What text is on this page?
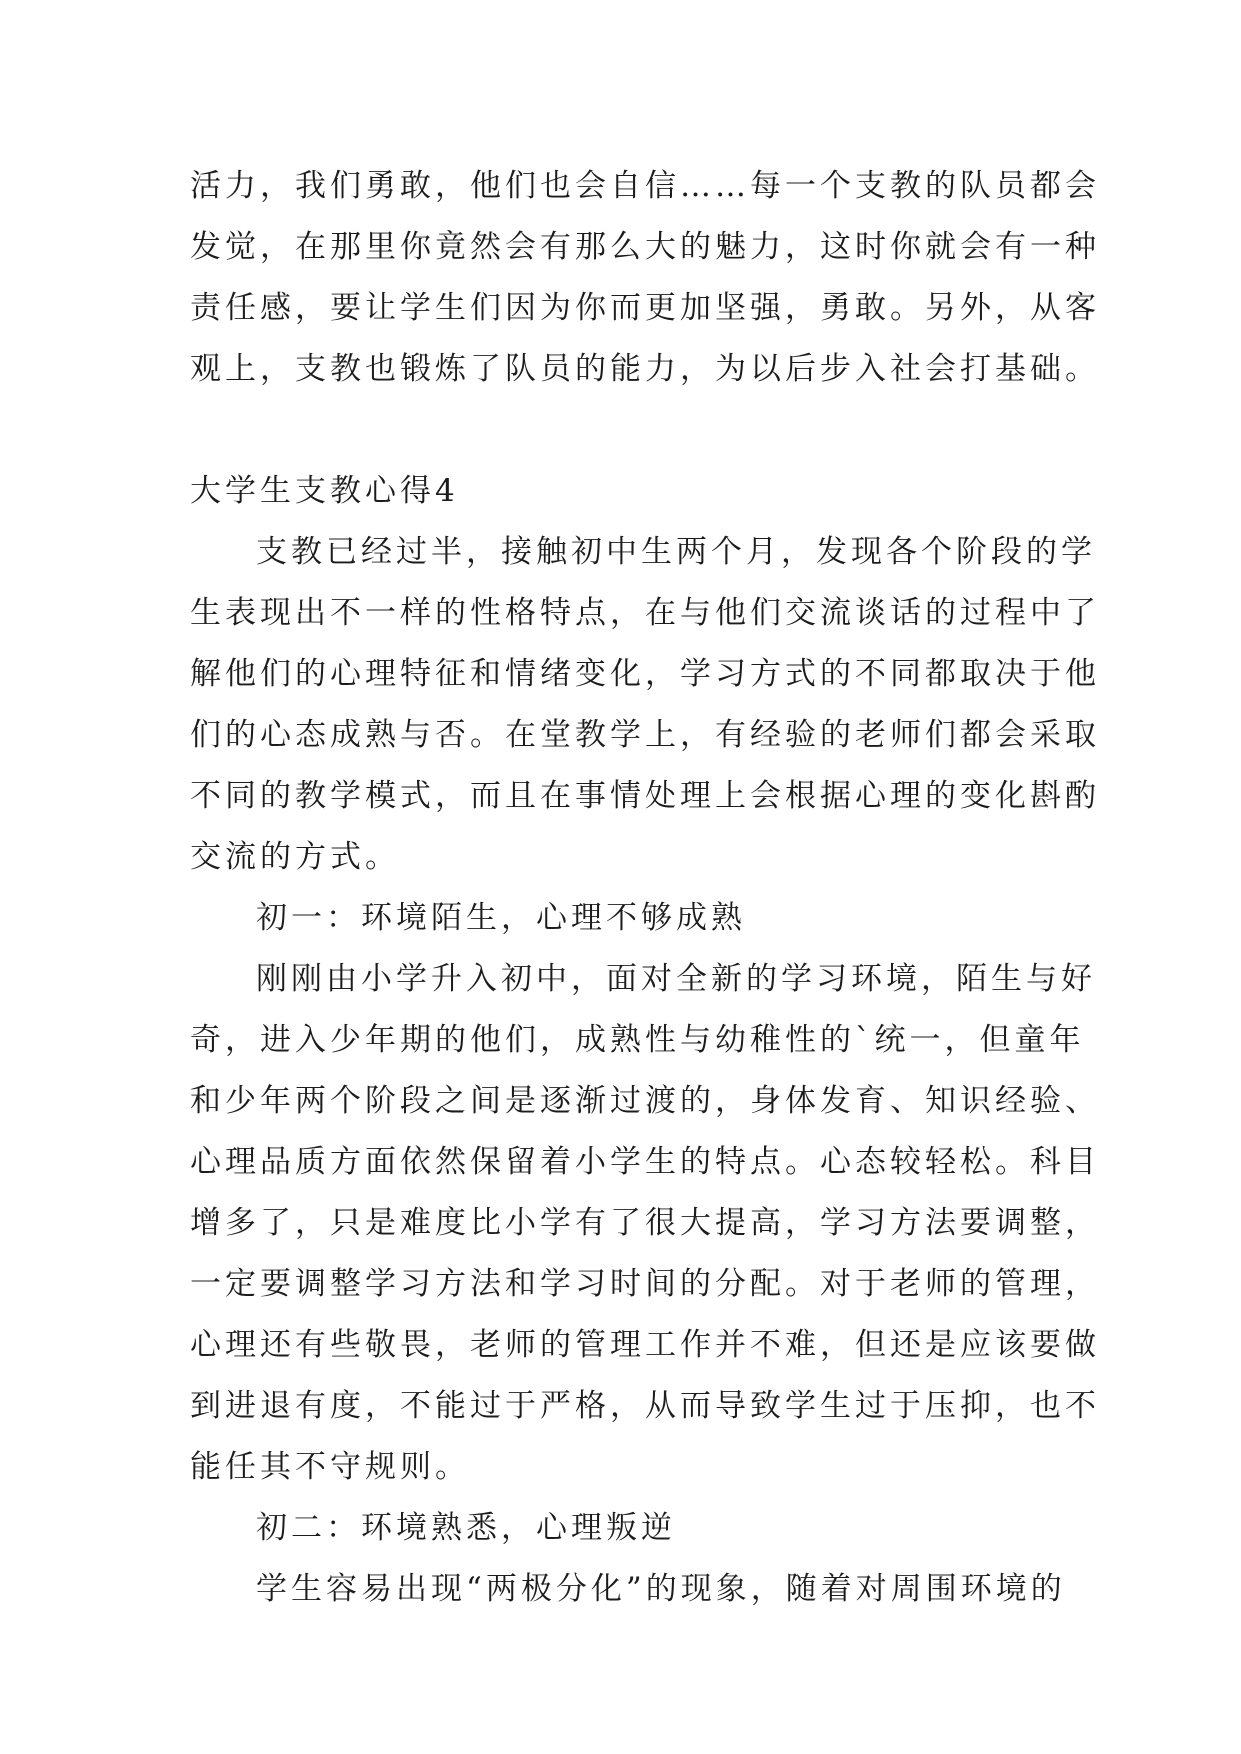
活力，我们勇敢，他们也会自信……每一个支教的队员都会
发觉，在那里你竟然会有那么大的魅力，这时你就会有一种
责任感，要让学生们因为你而更加坚强，勇敢。另外，从客
观上，支教也锻炼了队员的能力，为以后步入社会打基础。
大学生支教心得4
支教已经过半，接触初中生两个月，发现各个阶段的学
生表现出不一样的性格特点，在与他们交流谈话的过程中了
解他们的心理特征和情绪变化，学习方式的不同都取决于他
们的心态成熟与否。在堂教学上，有经验的老师们都会采取
不同的教学模式，而且在事情处理上会根据心理的变化斟酌
交流的方式。
初一：环境陌生，心理不够成熟
刚刚由小学升入初中，面对全新的学习环境，陌生与好
奇，进入少年期的他们，成熟性与幼稚性的`统一，但童年
和少年两个阶段之间是逐渐过渡的，身体发育、知识经验、
心理品质方面依然保留着小学生的特点。心态较轻松。科目
增多了，只是难度比小学有了很大提高，学习方法要调整，
一定要调整学习方法和学习时间的分配。对于老师的管理，
心理还有些敬畏，老师的管理工作并不难，但还是应该要做
到进退有度，不能过于严格，从而导致学生过于压抑，也不
能任其不守规则。
初二：环境熟悉，心理叛逆
学生容易出现“两极分化”的现象，随着对周围环境的
